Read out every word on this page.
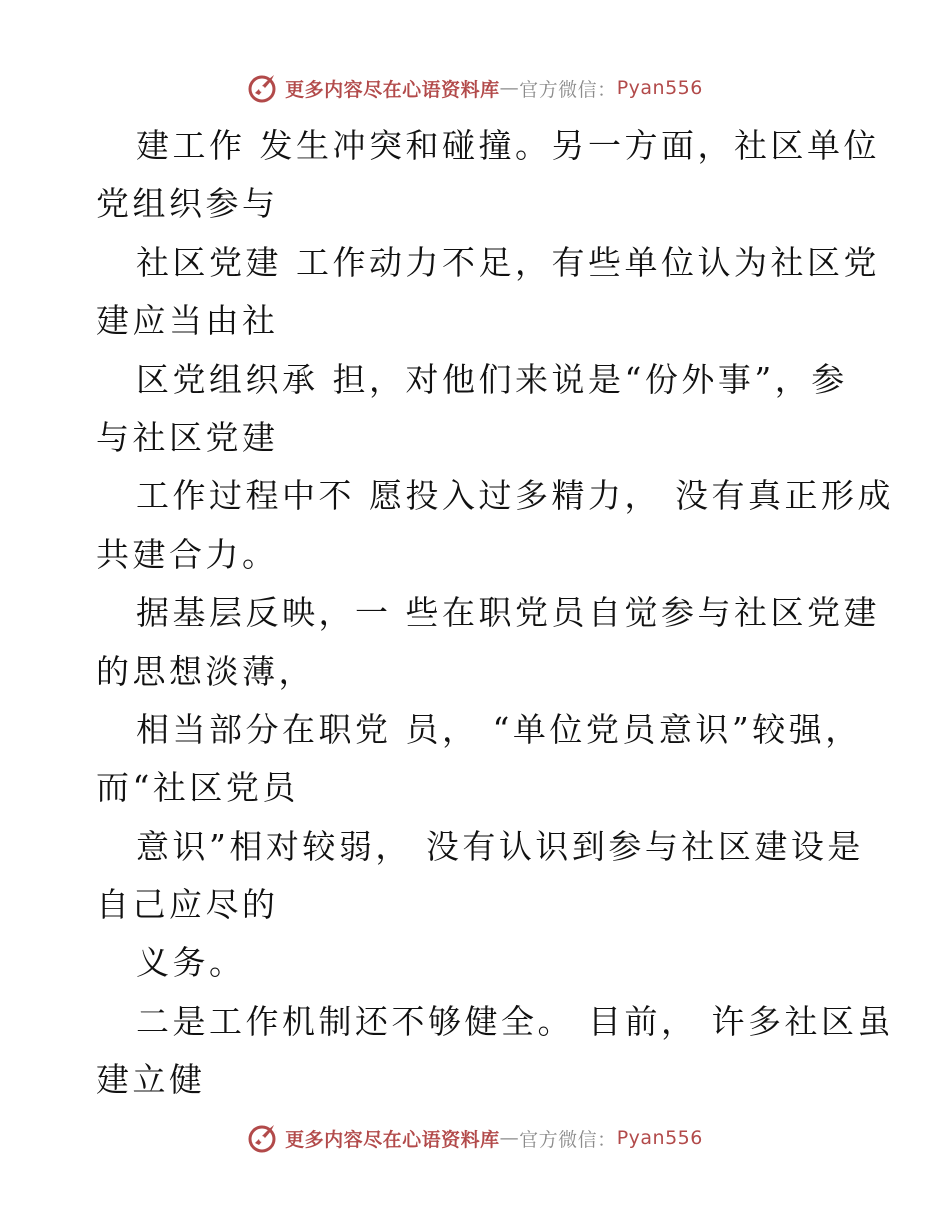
更多内容尽在心语资料库 — 官方微信： Pyan556
建工作 发生冲突和碰撞。另一方面，社区单位
党组织参与
社区党建 工作动力不足，有些单位认为社区党
建应当由社
区党组织承 担，对他们来说是“份外事”，参
与社区党建
工作过程中不 愿投入过多精力， 没有真正形成
共建合力。
据基层反映，一 些在职党员自觉参与社区党建
的思想淡薄，
相当部分在职党 员， “单位党员意识”较强，
而“社区党员
意识”相对较弱， 没有认识到参与社区建设是
自己应尽的
义务。
二是工作机制还不够健全。 目前， 许多社区虽
建立健
更多内容尽在心语资料库 — 官方微信： Pyan556
